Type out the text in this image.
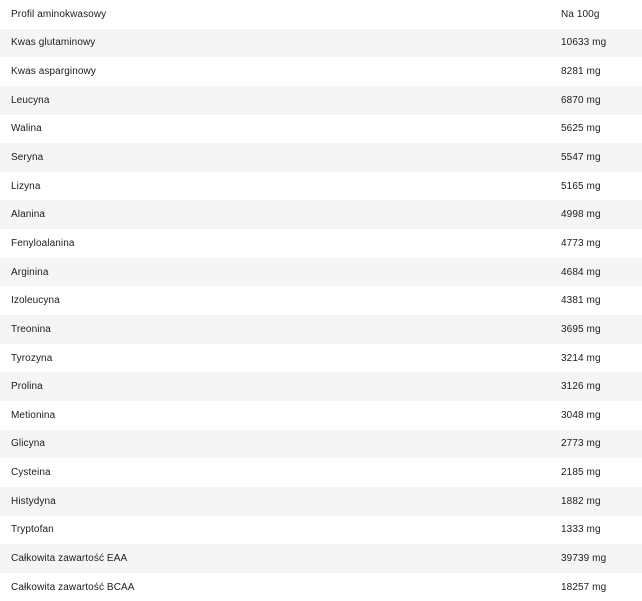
Profil aminokwasowy	Na 100g
Kwas glutaminowy	10633 mg
Kwas asparginowy	8281 mg
Leucyna	6870 mg
Walina	5625 mg
Seryna	5547 mg
Lizyna	5165 mg
Alanina	4998 mg
Fenyloalanina	4773 mg
Arginina	4684 mg
Izoleucyna	4381 mg
Treonina	3695 mg
Tyrozyna	3214 mg
Prolina	3126 mg
Metionina	3048 mg
Glicyna	2773 mg
Cysteina	2185 mg
Histydyna	1882 mg
Tryptofan	1333 mg
Całkowita zawartość EAA	39739 mg
Całkowita zawartość BCAA	18257 mg
